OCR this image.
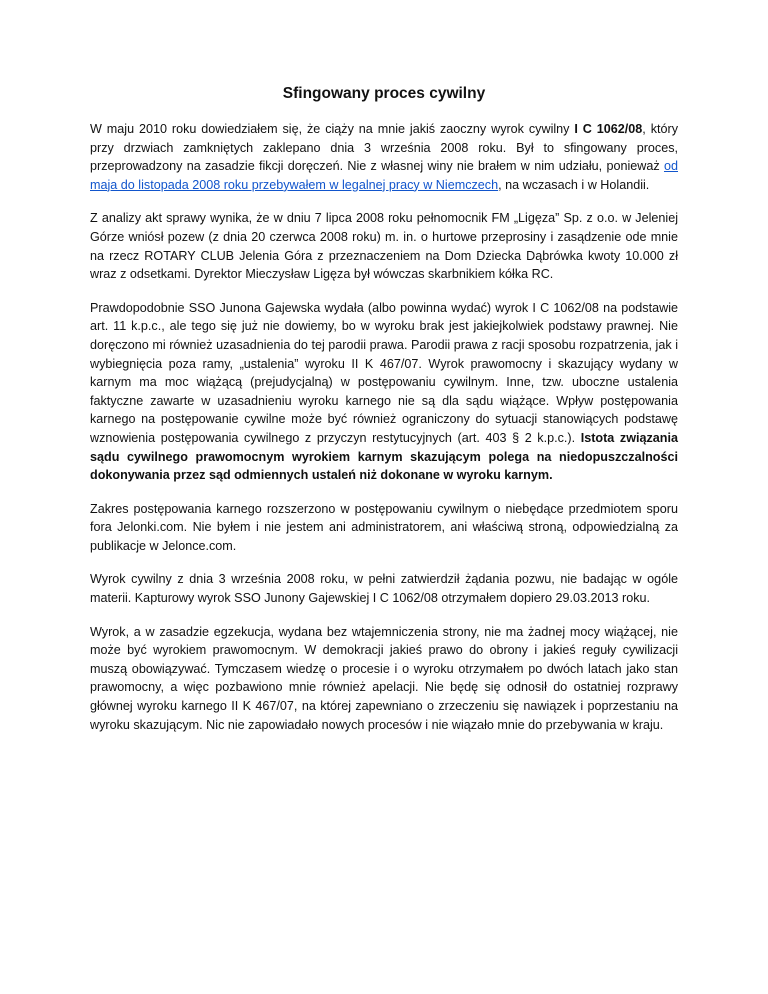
Sfingowany proces cywilny

W maju 2010 roku dowiedziałem się, że ciąży na mnie jakiś zaoczny wyrok cywilny I C 1062/08, który przy drzwiach zamkniętych zaklepano dnia 3 września 2008 roku. Był to sfingowany proces, przeprowadzony na zasadzie fikcji doręczeń. Nie z własnej winy nie brałem w nim udziału, ponieważ od maja do listopada 2008 roku przebywałem w legalnej pracy w Niemczech, na wczasach i w Holandii.

Z analizy akt sprawy wynika, że w dniu 7 lipca 2008 roku pełnomocnik FM „Ligęza” Sp. z o.o. w Jeleniej Górze wniósł pozew (z dnia 20 czerwca 2008 roku) m. in. o hurtowe przeprosiny i zasądzenie ode mnie na rzecz ROTARY CLUB Jelenia Góra z przeznaczeniem na Dom Dziecka Dąbrówka kwoty 10.000 zł wraz z odsetkami. Dyrektor Mieczysław Ligęza był wówczas skarbnikiem kółka RC.

Prawdopodobnie SSO Junona Gajewska wydała (albo powinna wydać) wyrok I C 1062/08 na podstawie art. 11 k.p.c., ale tego się już nie dowiemy, bo w wyroku brak jest jakiejkolwiek podstawy prawnej. Nie doręczono mi również uzasadnienia do tej parodii prawa. Parodii prawa z racji sposobu rozpatrzenia, jak i wybiegnięcia poza ramy, „ustalenia” wyroku II K 467/07. Wyrok prawomocny i skazujący wydany w karnym ma moc wiążącą (prejudycjalną) w postępowaniu cywilnym. Inne, tzw. uboczne ustalenia faktyczne zawarte w uzasadnieniu wyroku karnego nie są dla sądu wiążące. Wpływ postępowania karnego na postępowanie cywilne może być również ograniczony do sytuacji stanowiących podstawę wznowienia postępowania cywilnego z przyczyn restytucyjnych (art. 403 § 2 k.p.c.). Istota związania sądu cywilnego prawomocnym wyrokiem karnym skazującym polega na niedopuszczalności dokonywania przez sąd odmiennych ustaleń niż dokonane w wyroku karnym.

Zakres postępowania karnego rozszerzono w postępowaniu cywilnym o niebędące przedmiotem sporu fora Jelonki.com. Nie byłem i nie jestem ani administratorem, ani właściwą stroną, odpowiedzialną za publikacje w Jelonce.com.

Wyrok cywilny z dnia 3 września 2008 roku, w pełni zatwierdził żądania pozwu, nie badając w ogóle materii. Kapturowy wyrok SSO Junony Gajewskiej I C 1062/08 otrzymałem dopiero 29.03.2013 roku.

Wyrok, a w zasadzie egzekucja, wydana bez wtajemniczenia strony, nie ma żadnej mocy wiążącej, nie może być wyrokiem prawomocnym. W demokracji jakieś prawo do obrony i jakieś reguły cywilizacji muszą obowiązywać. Tymczasem wiedzę o procesie i o wyroku otrzymałem po dwóch latach jako stan prawomocny, a więc pozbawiono mnie również apelacji. Nie będę się odnosił do ostatniej rozprawy głównej wyroku karnego II K 467/07, na której zapewniano o zrzeczeniu się nawiązek i poprzestaniu na wyroku skazującym. Nic nie zapowiadało nowych procesów i nie wiązało mnie do przebywania w kraju.
